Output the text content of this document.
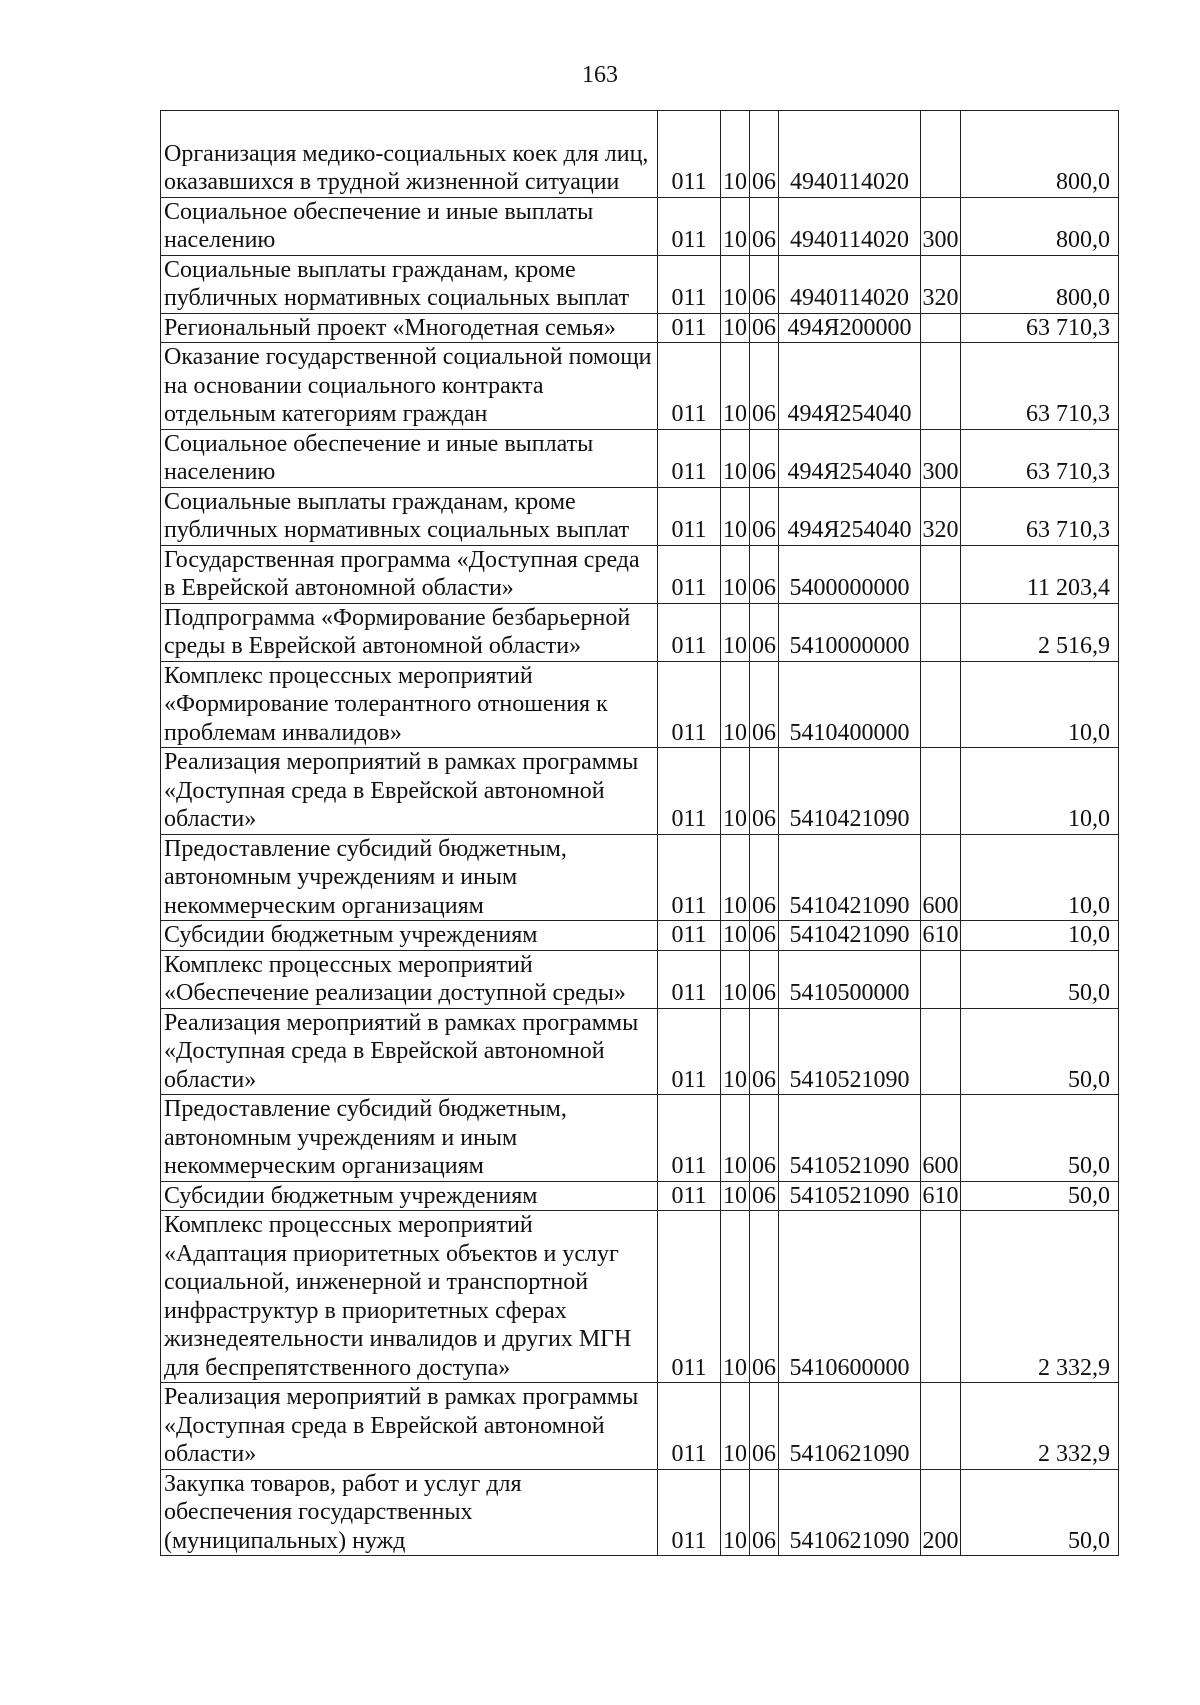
163
Организация медико-социальных коек для лиц, оказавшихся в трудной жизненной ситуации	011	10	06	4940114020		800,0
Социальное обеспечение и иные выплаты населению	011	10	06	4940114020	300	800,0
Социальные выплаты гражданам, кроме публичных нормативных социальных выплат	011	10	06	4940114020	320	800,0
Региональный проект «Многодетная семья»	011	10	06	494Я200000		63 710,3
Оказание государственной социальной помощи на основании социального контракта отдельным категориям граждан	011	10	06	494Я254040		63 710,3
Социальное обеспечение и иные выплаты населению	011	10	06	494Я254040	300	63 710,3
Социальные выплаты гражданам, кроме публичных нормативных социальных выплат	011	10	06	494Я254040	320	63 710,3
Государственная программа «Доступная среда в Еврейской автономной области»	011	10	06	5400000000		11 203,4
Подпрограмма «Формирование безбарьерной среды в Еврейской автономной области»	011	10	06	5410000000		2 516,9
Комплекс процессных мероприятий «Формирование толерантного отношения к проблемам инвалидов»	011	10	06	5410400000		10,0
Реализация мероприятий в рамках программы «Доступная среда в Еврейской автономной области»	011	10	06	5410421090		10,0
Предоставление субсидий бюджетным, автономным учреждениям и иным некоммерческим организациям	011	10	06	5410421090	600	10,0
Субсидии бюджетным учреждениям	011	10	06	5410421090	610	10,0
Комплекс процессных мероприятий «Обеспечение реализации доступной среды»	011	10	06	5410500000		50,0
Реализация мероприятий в рамках программы «Доступная среда в Еврейской автономной области»	011	10	06	5410521090		50,0
Предоставление субсидий бюджетным, автономным учреждениям и иным некоммерческим организациям	011	10	06	5410521090	600	50,0
Субсидии бюджетным учреждениям	011	10	06	5410521090	610	50,0
Комплекс процессных мероприятий «Адаптация приоритетных объектов и услуг социальной, инженерной и транспортной инфраструктур в приоритетных сферах жизнедеятельности инвалидов и других МГН для беспрепятственного доступа»	011	10	06	5410600000		2 332,9
Реализация мероприятий в рамках программы «Доступная среда в Еврейской автономной области»	011	10	06	5410621090		2 332,9
Закупка товаров, работ и услуг для обеспечения государственных (муниципальных) нужд	011	10	06	5410621090	200	50,0
